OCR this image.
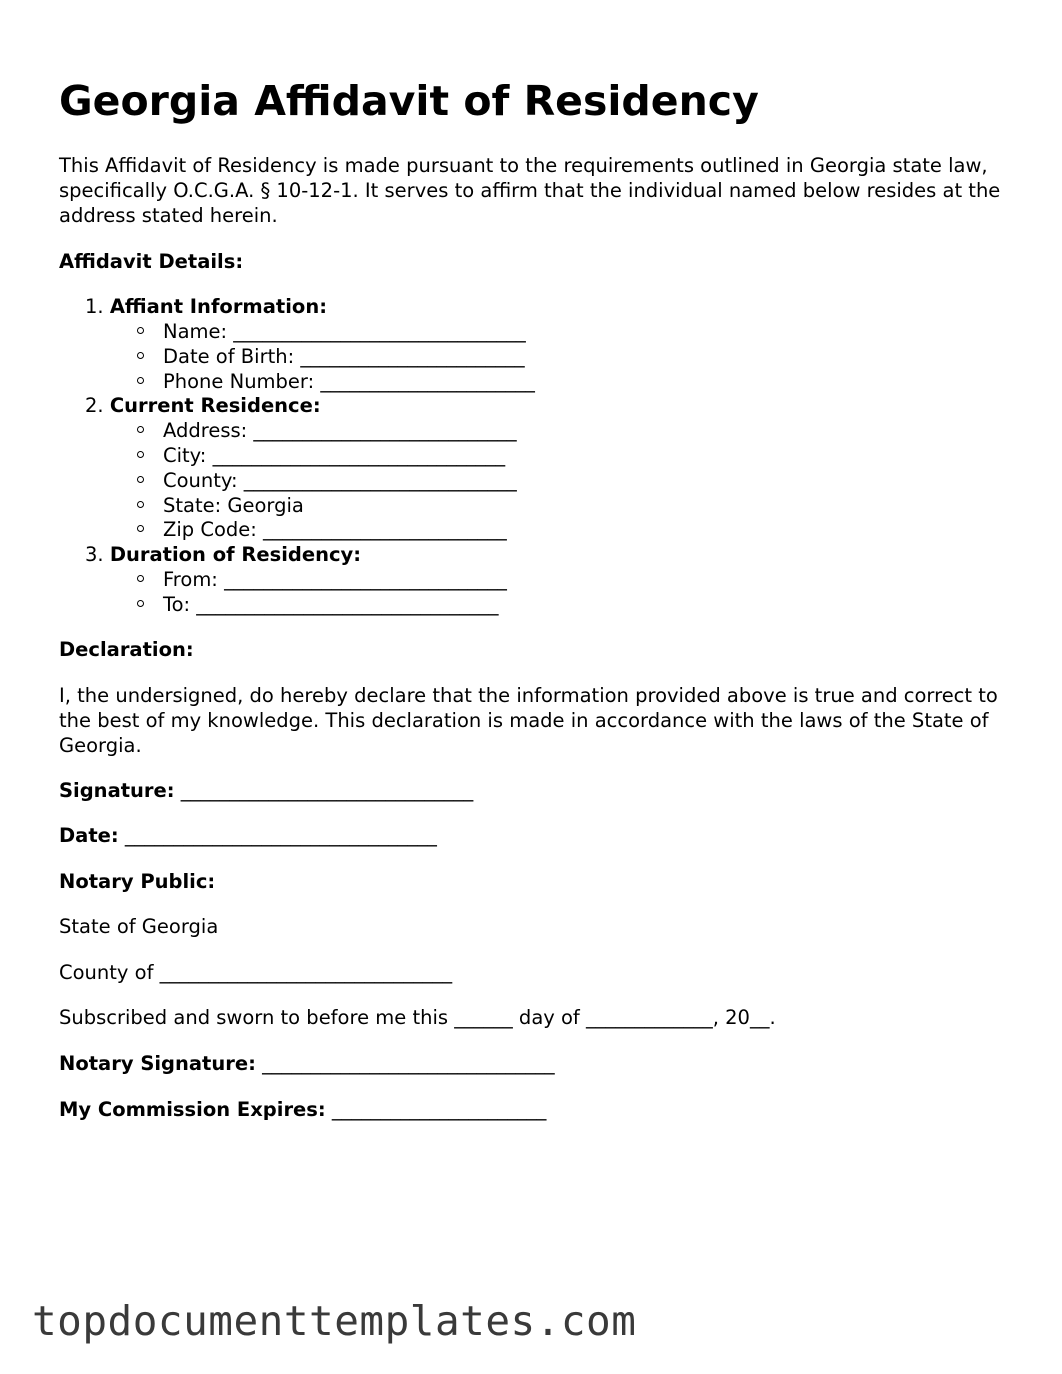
Georgia Affidavit of Residency

This Affidavit of Residency is made pursuant to the requirements outlined in Georgia state law, specifically O.C.G.A. § 10-12-1. It serves to affirm that the individual named below resides at the address stated herein.

Affidavit Details:

1. Affiant Information:
Name: ______________________________
Date of Birth: _______________________
Phone Number: ______________________
2. Current Residence:
Address: ___________________________
City: ______________________________
County: ____________________________
State: Georgia
Zip Code: _________________________
3. Duration of Residency:
From: _____________________________
To: _______________________________

Declaration:

I, the undersigned, do hereby declare that the information provided above is true and correct to the best of my knowledge. This declaration is made in accordance with the laws of the State of Georgia.

Signature: ______________________________
Date: ________________________________

Notary Public:

State of Georgia
County of ______________________________
Subscribed and sworn to before me this ______ day of _____________, 20__.
Notary Signature: ______________________________
My Commission Expires: ______________________
topdocumenttemplates.com
